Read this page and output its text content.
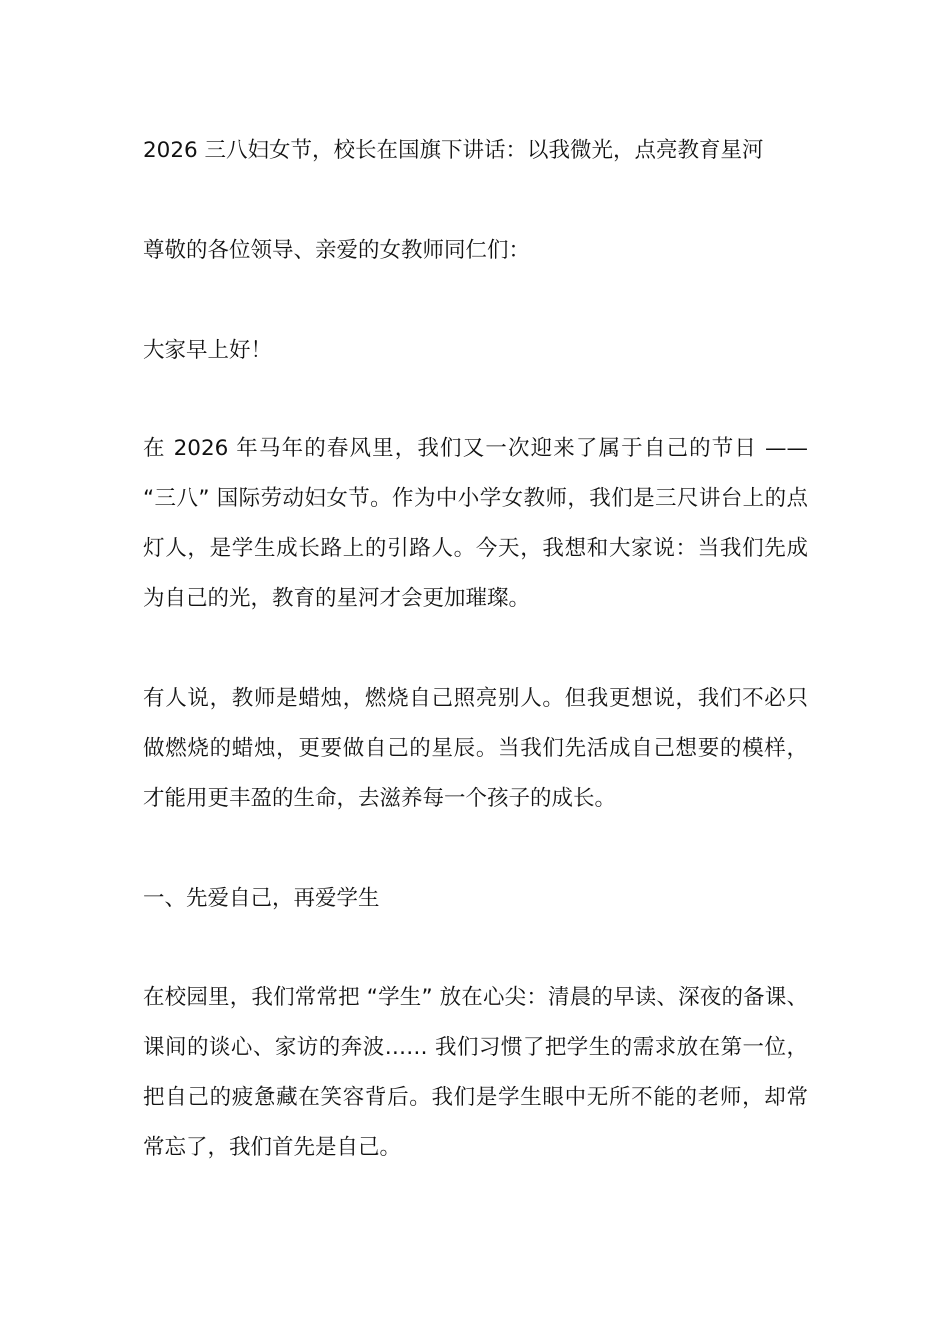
2026 三八妇女节，校长在国旗下讲话：以我微光，点亮教育星河

尊敬的各位领导、亲爱的女教师同仁们：

大家早上好！

在 2026 年马年的春风里，我们又一次迎来了属于自己的节日 —— “三八” 国际劳动妇女节。作为中小学女教师，我们是三尺讲台上的点灯人，是学生成长路上的引路人。今天，我想和大家说：当我们先成为自己的光，教育的星河才会更加璀璨。

有人说，教师是蜡烛，燃烧自己照亮别人。但我更想说，我们不必只做燃烧的蜡烛，更要做自己的星辰。当我们先活成自己想要的模样，才能用更丰盈的生命，去滋养每一个孩子的成长。

一、先爱自己，再爱学生

在校园里，我们常常把 “学生” 放在心尖：清晨的早读、深夜的备课、课间的谈心、家访的奔波…… 我们习惯了把学生的需求放在第一位，把自己的疲惫藏在笑容背后。我们是学生眼中无所不能的老师，却常常忘了，我们首先是自己。
